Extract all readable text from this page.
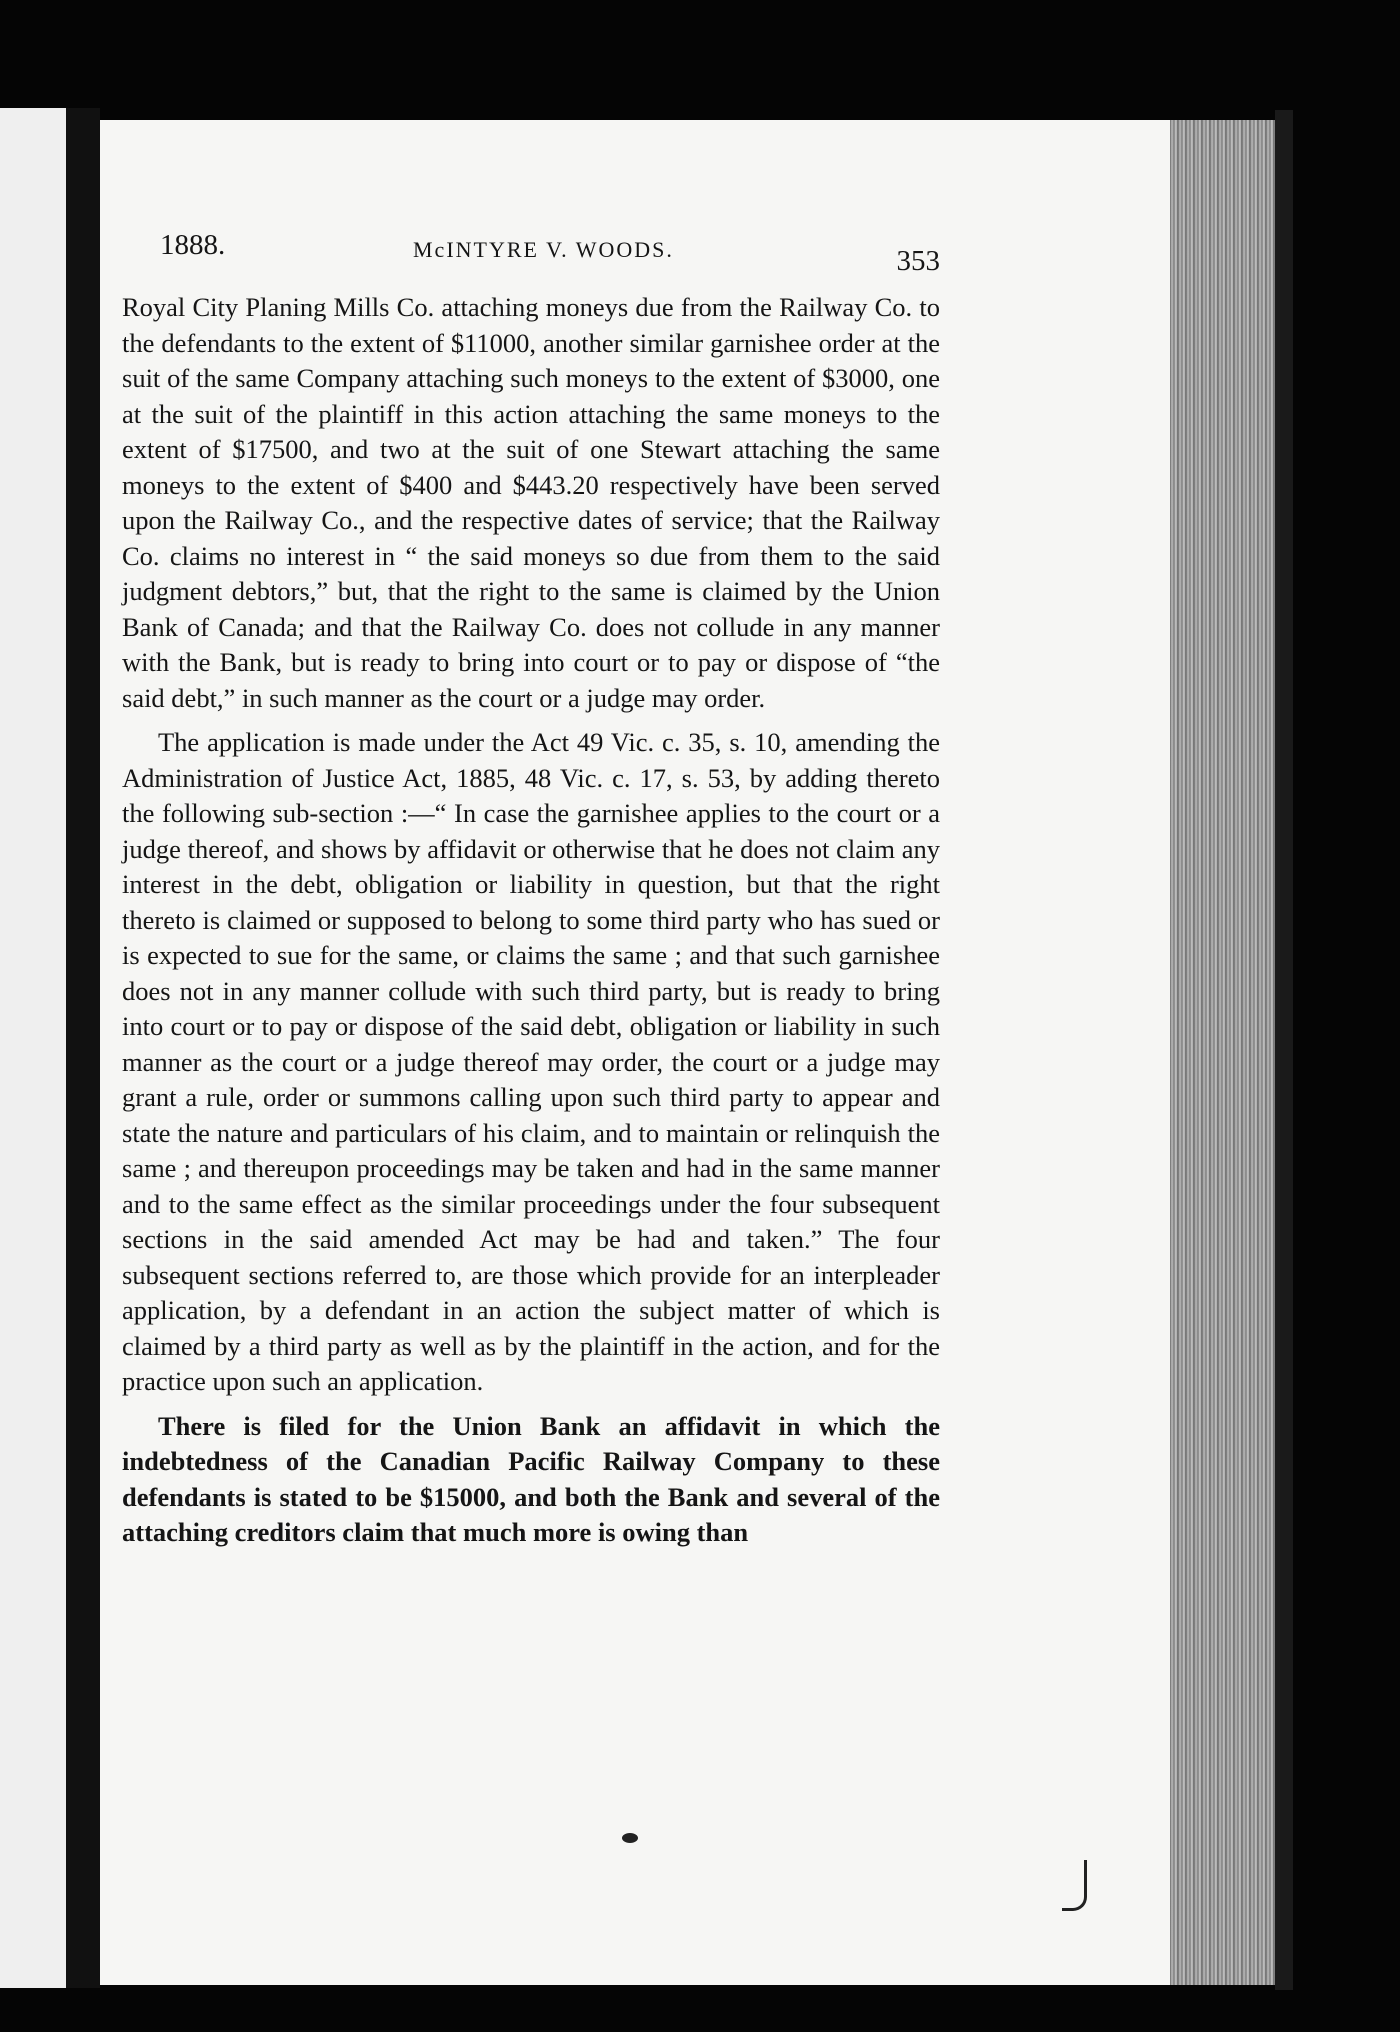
1888.	McINTYRE V. WOODS.	353

Royal City Planing Mills Co. attaching moneys due from the Railway Co. to the defendants to the extent of $11000, another similar garnishee order at the suit of the same Company attaching such moneys to the extent of $3000, one at the suit of the plaintiff in this action attaching the same moneys to the extent of $17500, and two at the suit of one Stewart attaching the same moneys to the extent of $400 and $443.20 respectively have been served upon the Railway Co., and the respective dates of service; that the Railway Co. claims no interest in “ the said moneys so due from them to the said judgment debtors,” but, that the right to the same is claimed by the Union Bank of Canada; and that the Railway Co. does not collude in any manner with the Bank, but is ready to bring into court or to pay or dispose of “the said debt,” in such manner as the court or a judge may order.

The application is made under the Act 49 Vic. c. 35, s. 10, amending the Administration of Justice Act, 1885, 48 Vic. c. 17, s. 53, by adding thereto the following sub-section :—“ In case the garnishee applies to the court or a judge thereof, and shows by affidavit or otherwise that he does not claim any interest in the debt, obligation or liability in question, but that the right thereto is claimed or supposed to belong to some third party who has sued or is expected to sue for the same, or claims the same ; and that such garnishee does not in any manner collude with such third party, but is ready to bring into court or to pay or dispose of the said debt, obligation or liability in such manner as the court or a judge thereof may order, the court or a judge may grant a rule, order or summons calling upon such third party to appear and state the nature and particulars of his claim, and to maintain or relinquish the same ; and thereupon proceedings may be taken and had in the same manner and to the same effect as the similar proceedings under the four subsequent sections in the said amended Act may be had and taken.” The four subsequent sections referred to, are those which provide for an interpleader application, by a defendant in an action the subject matter of which is claimed by a third party as well as by the plaintiff in the action, and for the practice upon such an application.

There is filed for the Union Bank an affidavit in which the indebtedness of the Canadian Pacific Railway Company to these defendants is stated to be $15000, and both the Bank and several of the attaching creditors claim that much more is owing than
